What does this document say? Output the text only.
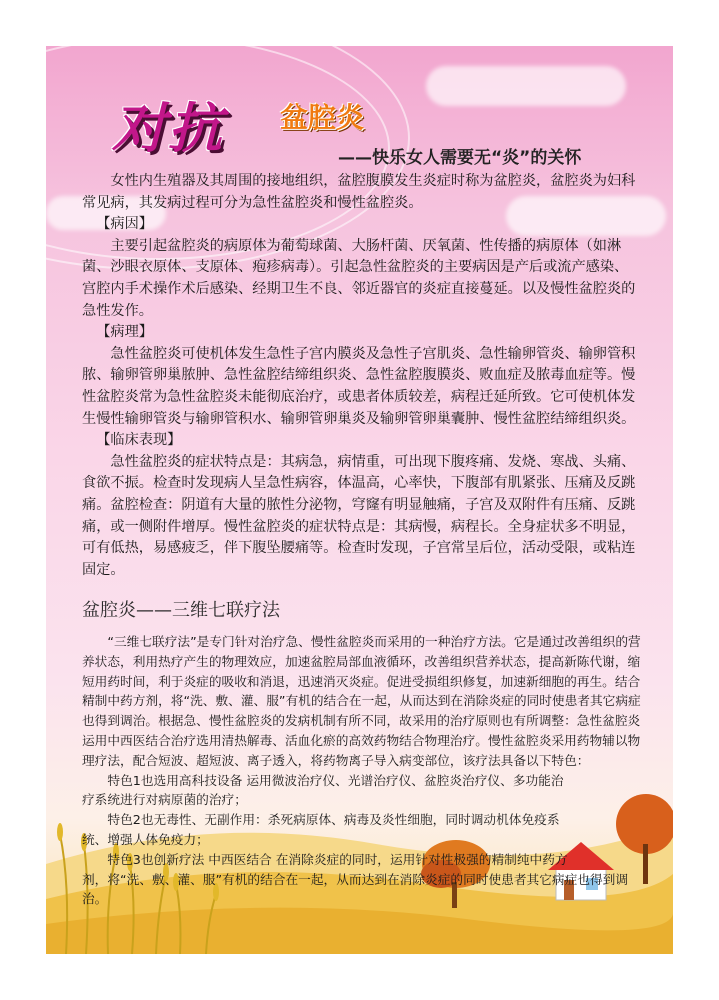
对抗 盆腔炎
——快乐女人需要无“炎”的关怀

女性内生殖器及其周围的接地组织，盆腔腹膜发生炎症时称为盆腔炎，盆腔炎为妇科常见病，其发病过程可分为急性盆腔炎和慢性盆腔炎。

【病因】

主要引起盆腔炎的病原体为葡萄球菌、大肠杆菌、厌氧菌、性传播的病原体（如淋菌、沙眼衣原体、支原体、疱疹病毒）。引起急性盆腔炎的主要病因是产后或流产感染、宫腔内手术操作术后感染、经期卫生不良、邻近器官的炎症直接蔓延。以及慢性盆腔炎的急性发作。

【病理】

急性盆腔炎可使机体发生急性子宫内膜炎及急性子宫肌炎、急性输卵管炎、输卵管积脓、输卵管卵巢脓肿、急性盆腔结缔组织炎、急性盆腔腹膜炎、败血症及脓毒血症等。慢性盆腔炎常为急性盆腔炎未能彻底治疗，或患者体质较差，病程迁延所致。它可使机体发生慢性输卵管炎与输卵管积水、输卵管卵巢炎及输卵管卵巢囊肿、慢性盆腔结缔组织炎。

【临床表现】

急性盆腔炎的症状特点是：其病急，病情重，可出现下腹疼痛、发烧、寒战、头痛、食欲不振。检查时发现病人呈急性病容，体温高，心率快，下腹部有肌紧张、压痛及反跳痛。盆腔检查：阴道有大量的脓性分泌物，穹窿有明显触痛，子宫及双附件有压痛、反跳痛，或一侧附件增厚。慢性盆腔炎的症状特点是：其病慢，病程长。全身症状多不明显，可有低热，易感疲乏，伴下腹坠腰痛等。检查时发现，子宫常呈后位，活动受限，或粘连固定。

盆腔炎——三维七联疗法

“三维七联疗法”是专门针对治疗急、慢性盆腔炎而采用的一种治疗方法。它是通过改善组织的营养状态，利用热疗产生的物理效应，加速盆腔局部血液循环，改善组织营养状态，提高新陈代谢，缩短用药时间，利于炎症的吸收和消退，迅速消灭炎症。促进受损组织修复，加速新细胞的再生。结合精制中药方剂，将“洗、敷、灌、服”有机的结合在一起，从而达到在消除炎症的同时使患者其它病症也得到调治。根据急、慢性盆腔炎的发病机制有所不同，故采用的治疗原则也有所调整：急性盆腔炎运用中西医结合治疗选用清热解毒、活血化瘀的高效药物结合物理治疗。慢性盆腔炎采用药物辅以物理疗法，配合短波、超短波、离子透入，将药物离子导入病变部位，该疗法具备以下特色：

特色1也选用高科技设备 运用微波治疗仪、光谱治疗仪、盆腔炎治疗仪、多功能治
疗系统进行对病原菌的治疗；

特色2也无毒性、无副作用：杀死病原体、病毒及炎性细胞，同时调动机体免疫系
统、增强人体免疫力；

特色3也创新疗法 中西医结合 在消除炎症的同时，运用针对性极强的精制纯中药方
剂，将“洗、敷、灌、服”有机的结合在一起，从而达到在消除炎症的同时使患者其它病症也得到调治。
